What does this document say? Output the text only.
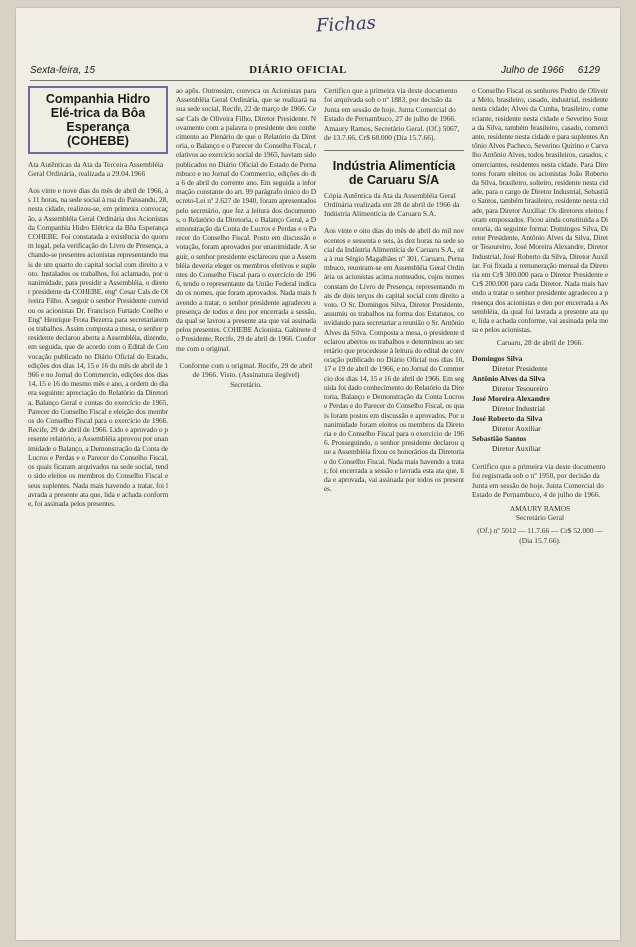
Fichas
Sexta-feira, 15	DIÁRIO OFICIAL	Julho de 1966 6129
Companhia Hidro Elé-trica da Bôa Esperança (COHEBE)
Ata Autênticas da Ata da Terceira Assembléia Geral Ordinária, realizada a 29.04.1966
Aos vinte e nove dias do mês de abril de 1966, às 11 horas, na sede social à rua do Paissandu, 28, nesta cidade, realizou-se, em primeira convocação, a Assembléia Geral Ordinária dos Acionistas da Companhia Hidro Elétrica da Bôa Esperança COHEBE. Foi constatada a existência do quorum legal, pela verificação do Livro de Presença, achando-se presentes acionistas representando mais de um quarto do capital social com direito a voto. Instalados os trabalhos, foi aclamado, por unanimidade, para presidir a Assembléia, o diretor presidente da COHEBE, engº Cesar Cals de Oliveira Filho. A seguir o senhor Presidente convidou os acionistas Dr. Francisco Furtado Coelho e Engº Henrique Frota Bezerra para secretariarem os trabalhos. Assim composta a mesa, o senhor presidente declarou aberta a Assembléia, dizendo, em seguida, que de acordo com o Edital de Convocação publicado no Diário Oficial do Estado, edições dos dias 14, 15 e 16 do mês de abril de 1966 e no Jornal do Commercio, edições dos dias 14, 15 e 16 do mesmo mês e ano, a ordem do dia era seguinte: apreciação do Relatório da Diretoria, Balanço Geral e contas do exercício de 1965, Parecer do Conselho Fiscal e eleição dos membros do Conselho Fiscal para o exercício de 1966. Recife, 29 de abril de 1966. Lido e aprovado o presente relatório, a Assembléia aprovou por unanimidade o Balanço, a Demonstração da Conta de Lucros e Perdas e o Parecer do Conselho Fiscal, os quais ficaram arquivados na sede social, tendo sido eleitos os membros do Conselho Fiscal e seus suplentes. Nada mais havendo a tratar, foi lavrada a presente ata que, lida e achada conforme, foi assinada pelos presentes.
ao apôs. Outrossim, convoca os Acionistas para Assembléia Geral Ordinária, que se realizará na sua sede social, Recife, 22 de março de 1966. Cesar Cals de Oliveira Filho, Diretor Presidente. Novamente com a palavra o presidente deu conhecimento ao Plenário de que o Relatório da Diretoria, o Balanço e o Parecer do Conselho Fiscal, relativos ao exercício social de 1965, haviam sido publicados no Diário Oficial do Estado de Pernambuco e no Jornal do Commercio, edições do dia 6 de abril do corrente ano. Em seguida a informação constante do art. 99 parágrafo único do Decreto-Lei nº 2.627 de 1940, foram apresentados pelo secretário, que fez a leitura dos documentos, o Relatório da Diretoria, o Balanço Geral, a Demonstração da Conta de Lucros e Perdas e o Parecer do Conselho Fiscal. Posto em discussão e votação, foram aprovados por unanimidade. A seguir, o senhor presidente esclareceu que a Assembléia deveria eleger os membros efetivos e suplentes do Conselho Fiscal para o exercício de 1966, tendo o representante da União Federal indicado os nomes, que foram aprovados. Nada mais havendo a tratar, o senhor presidente agradeceu a presença de todos e deu por encerrada a sessão, da qual se lavrou a presente ata que vai assinada pelos presentes. COHEBE Acionista. Gabinete do Presidente, Recife, 29 de abril de 1966. Conforme com o original.
Conforme com o original. Recife, 29 de abril de 1966. Visto. (Assinatura ilegível) Secretário.
Certifico que a primeira via deste documento foi arquivada sob o nº 1883, por decisão da Junta em sessão de hoje. Junta Comercial do Estado de Pernambuco, 27 de julho de 1966. Amaury Ramos, Secretário Geral. (Of.) 5067, de 13.7.66, Cr$ 68.000 (Dia 15.7.66).
Indústria Alimentícia de Caruaru S/A
Cópia Autêntica da Ata da Assembléia Geral Ordinária realizada em 28 de abril de 1966 da Indústria Alimentícia de Caruaru S.A.
Aos vinte e oito dias do mês de abril do mil novecentos e sessenta e seis, às dez horas na sede social da Indústria Alimentícia de Caruaru S.A., sita à rua Sérgio Magalhães nº 301, Caruaru, Pernambuco, reuniram-se em Assembléia Geral Ordinária os acionistas acima nomeados, cujos nomes constam do Livro de Presença, representando mais de dois terços do capital social com direito a voto. O Sr. Domingos Silva, Diretor Presidente, assumiu os trabalhos na forma dos Estatutos, convidando para secretariar a reunião o Sr. Antônio Alves da Silva. Composta a mesa, o presidente declarou abertos os trabalhos e determinou ao secretário que procedesse à leitura do edital de convocação publicado no Diário Oficial nos dias 10, 17 e 19 de abril de 1966, e no Jornal do Commercio dos dias 14, 15 e 16 de abril de 1966. Em seguida foi dado conhecimento do Relatório da Diretoria, Balanço e Demonstração da Conta Lucros e Perdas e do Parecer do Conselho Fiscal, os quais foram postos em discussão e aprovados. Por unanimidade foram eleitos os membros da Diretoria e do Conselho Fiscal para o exercício de 1966. Prosseguindo, o senhor presidente declarou que a Assembléia fixou os honorários da Diretoria e do Conselho Fiscal. Nada mais havendo a tratar, foi encerrada a sessão e lavrada esta ata que, lida e aprovada, vai assinada por todos os presentes.
o Conselho Fiscal os senhores Pedro de Oliveira Melo, brasileiro, casado, industrial, residente nesta cidade; Alves da Cunha, brasileiro, comerciante, residente nesta cidade e Severino Souza da Silva, também brasileiro, casado, comerciante, residente nesta cidade e para suplentes Antônio Alves Pacheco, Severino Quirino e Carvalho Antônio Alves, todos brasileiros, casados, comerciantes, residentes nesta cidade. Para Diretores foram eleitos os acionistas João Roberto da Silva, brasileiro, solteiro, residente nesta cidade, para o cargo de Diretor Industrial, Sebastião Santos, também brasileiro, residente nesta cidade, para Diretor Auxiliar. Os diretores eleitos foram empossados. Ficou ainda constituída a Diretoria, da seguinte forma: Domingos Silva, Diretor Presidente, Antônio Alves da Silva, Diretor Tesoureiro, José Moreira Alexandre, Diretor Industrial, José Roberto da Silva, Diretor Auxiliar. Foi fixada a remuneração mensal da Diretoria em Cr$ 300.000 para o Diretor Presidente e Cr$ 200.000 para cada Diretor. Nada mais havendo a tratar o senhor presidente agradeceu a presença dos acionistas e deu por encerrada a Assembléia, da qual foi lavrada a presente ata que, lida e achada conforme, vai assinada pela mesa e pelos acionistas.
Caruaru, 28 de abril de 1966.
Domingos Silva
Diretor Presidente
Antônio Alves da Silva
Diretor Tesoureiro
José Moreira Alexandre
Diretor Industrial
José Roberto da Silva
Diretor Auxiliar
Sebastião Santos
Diretor Auxiliar
Certifico que a primeira via deste documento foi registrada sob o nº 1950, por decisão da Junta em sessão de hoje. Junta Comercial do Estado de Pernambuco, 4 de julho de 1966.
AMAURY RAMOS
Secretário Geral
(Of.) nº 5012 — 11.7.66 — Cr$ 52.000 — (Dia 15.7.66).
